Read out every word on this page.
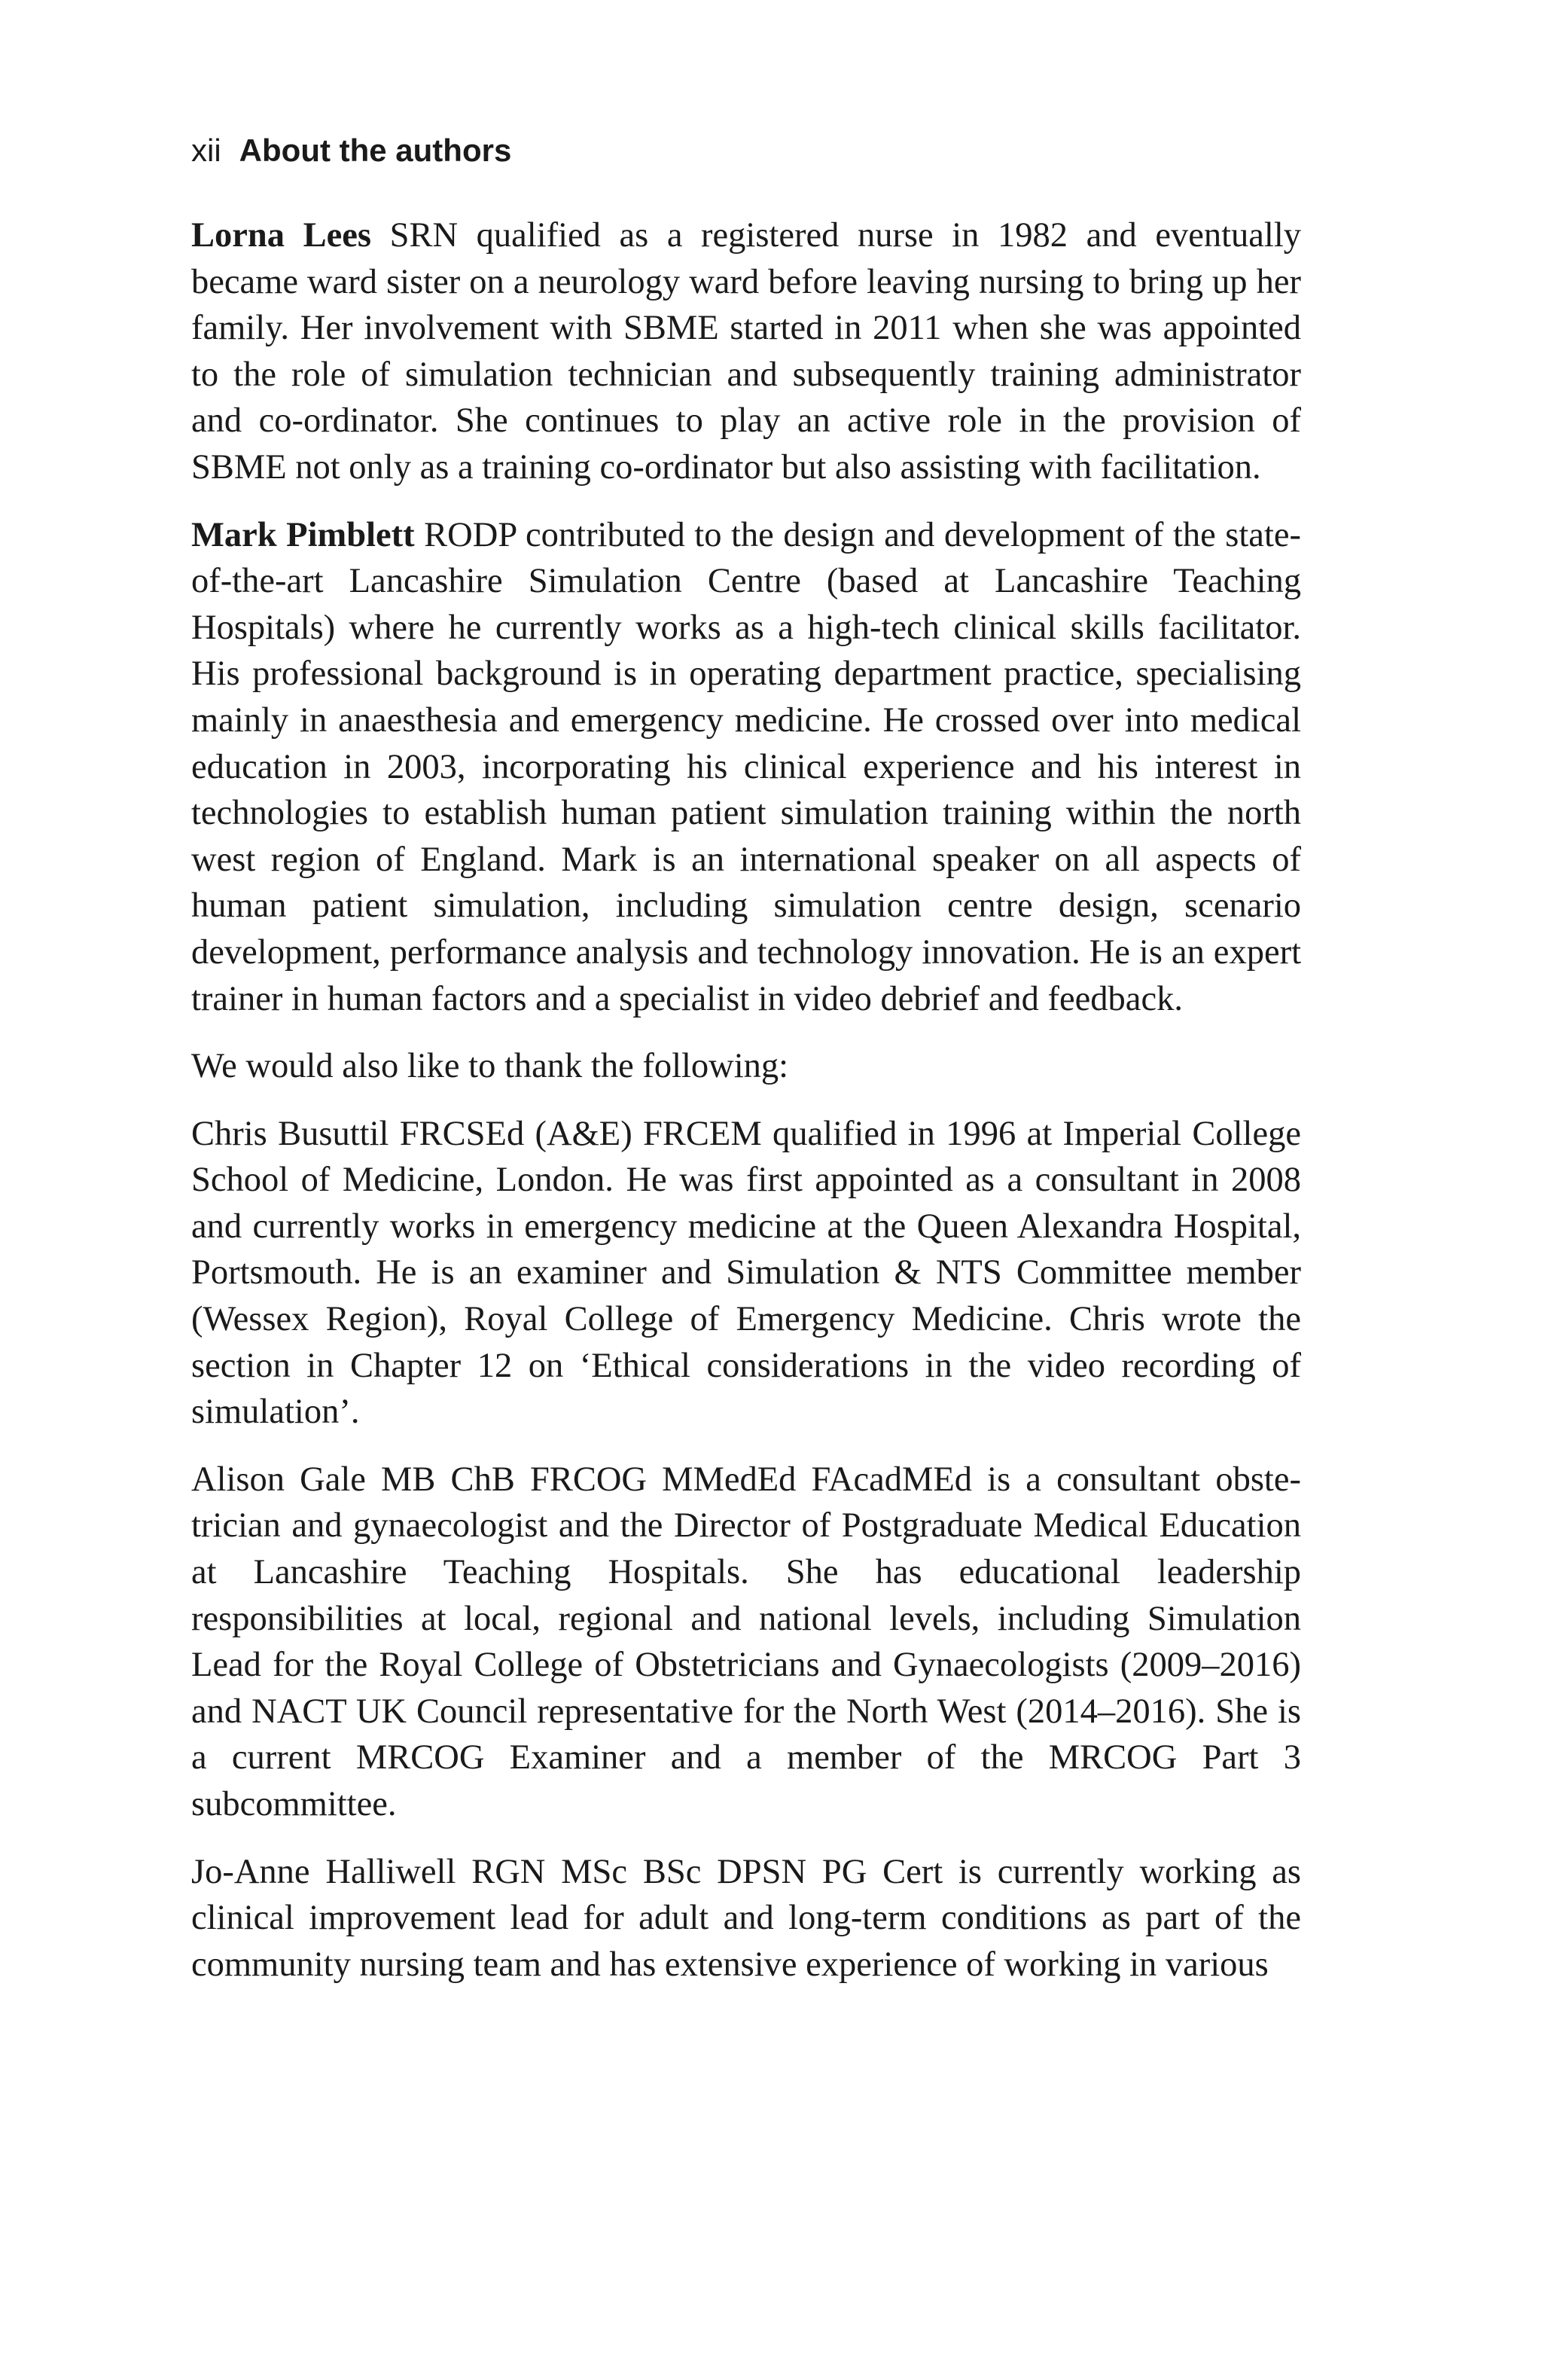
xii About the authors

Lorna Lees SRN qualified as a registered nurse in 1982 and eventually became ward sister on a neurology ward before leaving nursing to bring up her family. Her involvement with SBME started in 2011 when she was appointed to the role of simulation technician and subsequently training administrator and co-ordinator. She continues to play an active role in the provision of SBME not only as a training co-ordinator but also assisting with facilitation.

Mark Pimblett RODP contributed to the design and development of the state-of-the-art Lancashire Simulation Centre (based at Lancashire Teaching Hospitals) where he currently works as a high-tech clinical skills facilitator. His professional background is in operating department practice, specialising mainly in anaesthesia and emergency medicine. He crossed over into medical education in 2003, incorporating his clinical experience and his interest in technologies to establish human patient simulation training within the north west region of England. Mark is an international speaker on all aspects of human patient simulation, including simulation centre design, scenario development, performance analysis and technology innovation. He is an expert trainer in human factors and a specialist in video debrief and feedback.

We would also like to thank the following:

Chris Busuttil FRCSEd (A&E) FRCEM qualified in 1996 at Imperial College School of Medicine, London. He was first appointed as a consultant in 2008 and currently works in emergency medicine at the Queen Alexandra Hospital, Portsmouth. He is an examiner and Simulation & NTS Committee member (Wessex Region), Royal College of Emergency Medicine. Chris wrote the section in Chapter 12 on ‘Ethical considerations in the video recording of simulation’.

Alison Gale MB ChB FRCOG MMedEd FAcadMEd is a consultant obstetrician and gynaecologist and the Director of Postgraduate Medical Education at Lancashire Teaching Hospitals. She has educational leadership responsibilities at local, regional and national levels, including Simulation Lead for the Royal College of Obstetricians and Gynaecologists (2009–2016) and NACT UK Council representative for the North West (2014–2016). She is a current MRCOG Examiner and a member of the MRCOG Part 3 subcommittee.

Jo-Anne Halliwell RGN MSc BSc DPSN PG Cert is currently working as clinical improvement lead for adult and long-term conditions as part of the community nursing team and has extensive experience of working in various
